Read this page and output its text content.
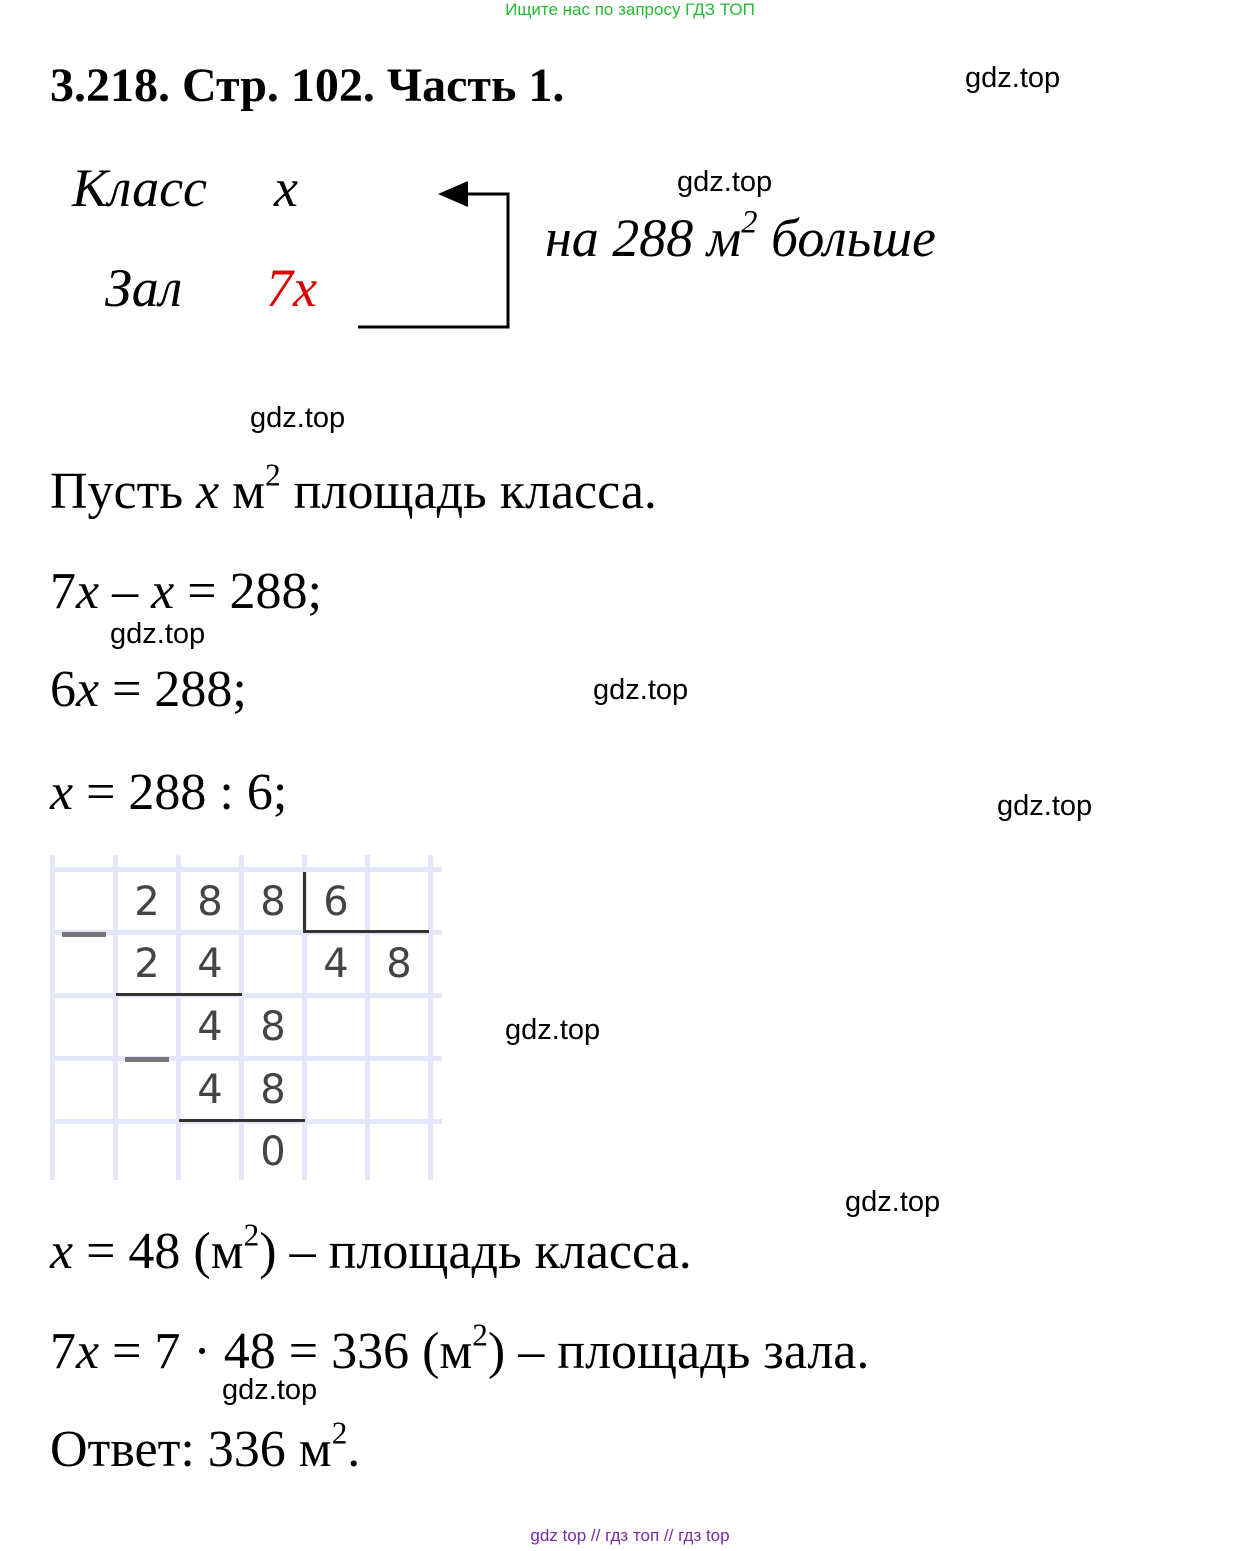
Ищите нас по запросу ГДЗ ТОП
3.218. Стр. 102. Часть 1.	gdz.top
gdz.top
gdz.top
gdz.top
gdz.top
gdz.top
gdz.top
gdz.top
gdz.top
Класс x
Зал 7x
на 288 $м^2$ больше
Пусть x $м^2$ площадь класса.
7x – x = 288;
6x = 288;
x = 288 : 6;
2 8 8 6
2 4	4 8
4 8
4 8
0
x = 48 $(м^2)$ – площадь класса.
7x = 7 · 48 = 336 $(м^2)$ – площадь зала.
Ответ: 336 $м^2$.
gdz top // гдз топ // гдз top
